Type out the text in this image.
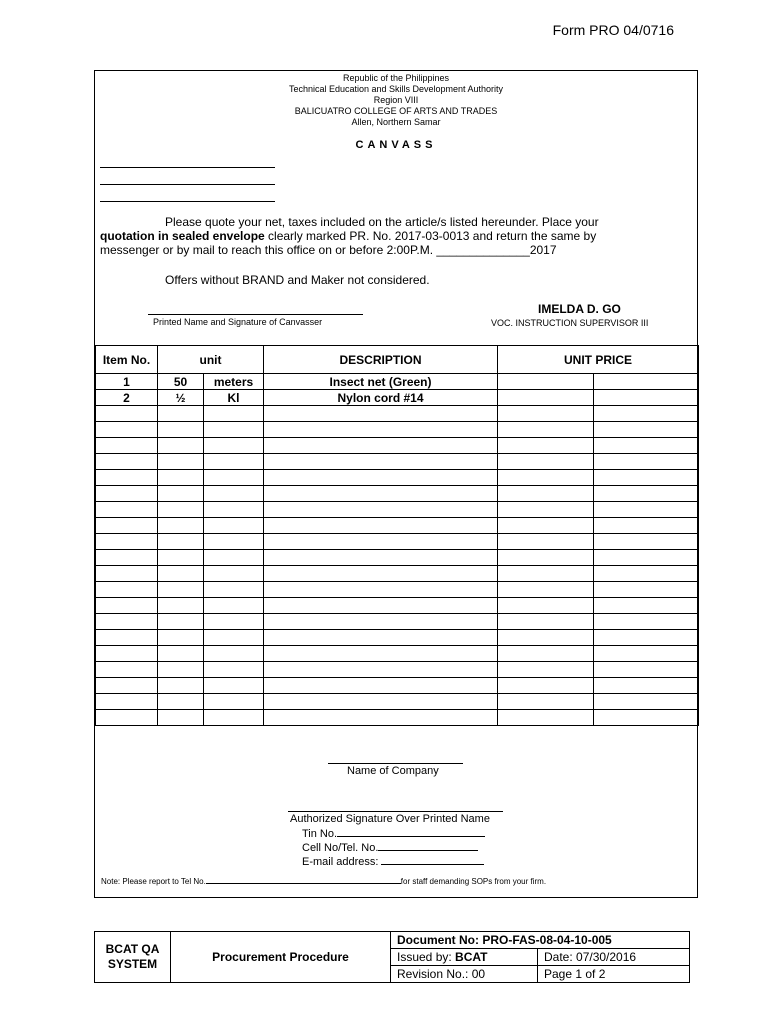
Form PRO 04/0716
Republic of the Philippines
Technical Education and Skills Development Authority
Region VIII
BALICUATRO COLLEGE OF ARTS AND TRADES
Allen, Northern Samar
CANVASS
Please quote your net, taxes included on the article/s listed hereunder. Place your
quotation in sealed envelope clearly marked PR. No. 2017-03-0013 and return the same by
messenger or by mail to reach this office on or before 2:00P.M. ______________2017
Offers without BRAND and Maker not considered.
Printed Name and Signature of Canvasser
IMELDA D. GO
VOC. INSTRUCTION SUPERVISOR III
Item No.	unit		DESCRIPTION	UNIT PRICE	
1	50	meters	Insect net (Green)		
2	½	Kl	Nylon cord #14		

Name of Company
Authorized Signature Over Printed Name
Tin No.
Cell No/Tel. No.
E-mail address:
Note: Please report to Tel No.	for staff demanding SOPs from your firm.
BCAT QA SYSTEM	Procurement Procedure	Document No: PRO-FAS-08-04-10-005	
		Issued by: BCAT	Date: 07/30/2016
		Revision No.: 00	Page 1 of 2
